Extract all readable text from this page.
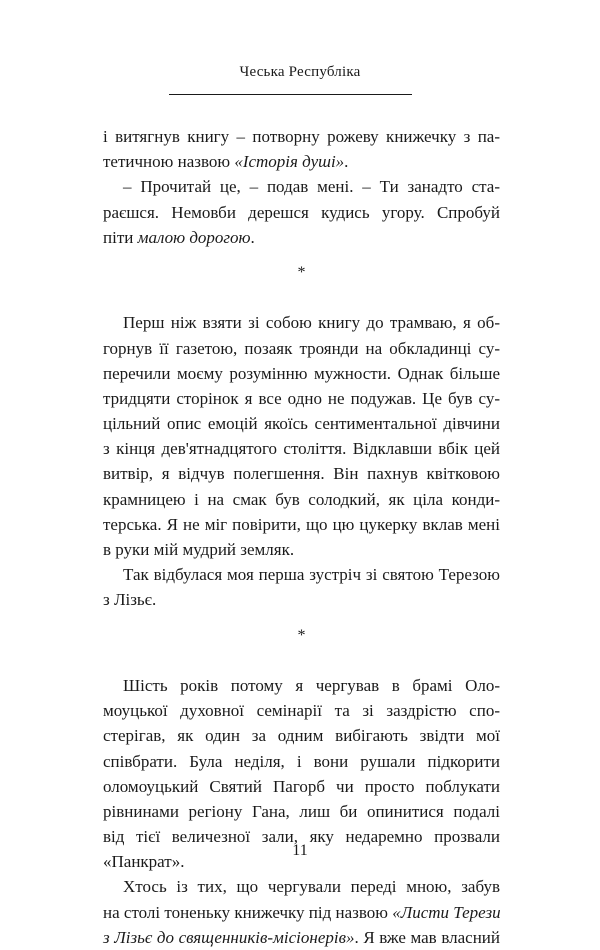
Чеська Республіка
і витягнув книгу – потворну рожеву книжечку з па-
тетичною назвою «Історія душі».
– Прочитай це, – подав мені. – Ти занадто ста-
раєшся. Немовби дерешся кудись угору. Спробуй
піти малою дорогою.
*
Перш ніж взяти зі собою книгу до трамваю, я об-
горнув її газетою, позаяк троянди на обкладинці су-
перечили моєму розумінню мужности. Однак більше
тридцяти сторінок я все одно не подужав. Це був су-
цільний опис емоцій якоїсь сентиментальної дівчини
з кінця дев'ятнадцятого століття. Відклавши вбік цей
витвір, я відчув полегшення. Він пахнув квітковою
крамницею і на смак був солодкий, як ціла конди-
терська. Я не міг повірити, що цю цукерку вклав мені
в руки мій мудрий земляк.
Так відбулася моя перша зустріч зі святою Терезою
з Лізьє.
*
Шість років потому я чергував в брамі Оло-
моуцької духовної семінарії та зі заздрістю спо-
стерігав, як один за одним вибігають звідти мої
співбрати. Була неділя, і вони рушали підкорити
оломоуцький Святий Пагорб чи просто поблукати
рівнинами регіону Гана, лиш би опинитися подалі
від тієї величезної зали, яку недаремно прозвали
«Панкрат».
Хтось із тих, що чергували переді мною, забув
на столі тоненьку книжечку під назвою «Листи Терези
з Лізьє до священників-місіонерів». Я вже мав власний
11
